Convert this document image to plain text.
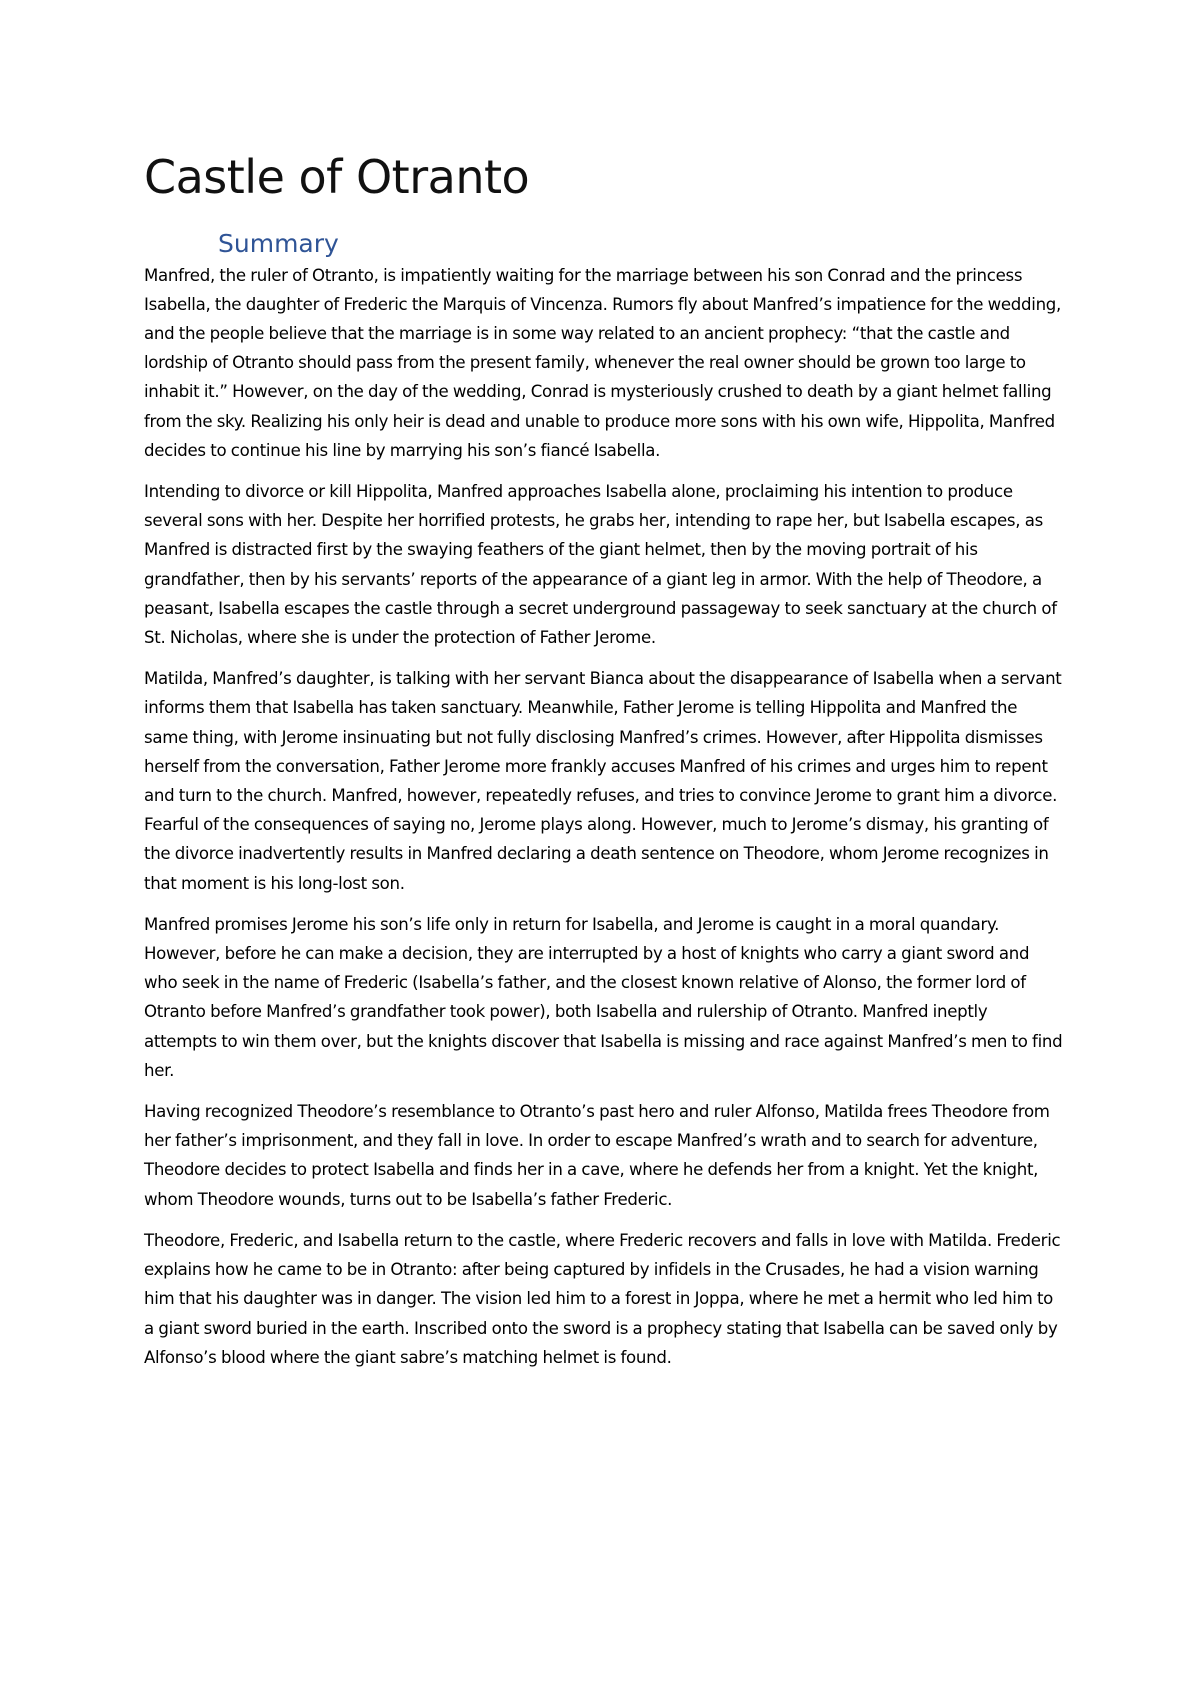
Castle of Otranto
Summary

Manfred, the ruler of Otranto, is impatiently waiting for the marriage between his son Conrad and the princess Isabella, the daughter of Frederic the Marquis of Vincenza. Rumors fly about Manfred’s impatience for the wedding, and the people believe that the marriage is in some way related to an ancient prophecy: “that the castle and lordship of Otranto should pass from the present family, whenever the real owner should be grown too large to inhabit it.” However, on the day of the wedding, Conrad is mysteriously crushed to death by a giant helmet falling from the sky. Realizing his only heir is dead and unable to produce more sons with his own wife, Hippolita, Manfred decides to continue his line by marrying his son’s fiancé Isabella.

Intending to divorce or kill Hippolita, Manfred approaches Isabella alone, proclaiming his intention to produce several sons with her. Despite her horrified protests, he grabs her, intending to rape her, but Isabella escapes, as Manfred is distracted first by the swaying feathers of the giant helmet, then by the moving portrait of his grandfather, then by his servants’ reports of the appearance of a giant leg in armor. With the help of Theodore, a peasant, Isabella escapes the castle through a secret underground passageway to seek sanctuary at the church of St. Nicholas, where she is under the protection of Father Jerome.

Matilda, Manfred’s daughter, is talking with her servant Bianca about the disappearance of Isabella when a servant informs them that Isabella has taken sanctuary. Meanwhile, Father Jerome is telling Hippolita and Manfred the same thing, with Jerome insinuating but not fully disclosing Manfred’s crimes. However, after Hippolita dismisses herself from the conversation, Father Jerome more frankly accuses Manfred of his crimes and urges him to repent and turn to the church. Manfred, however, repeatedly refuses, and tries to convince Jerome to grant him a divorce. Fearful of the consequences of saying no, Jerome plays along. However, much to Jerome’s dismay, his granting of the divorce inadvertently results in Manfred declaring a death sentence on Theodore, whom Jerome recognizes in that moment is his long-lost son.

Manfred promises Jerome his son’s life only in return for Isabella, and Jerome is caught in a moral quandary. However, before he can make a decision, they are interrupted by a host of knights who carry a giant sword and who seek in the name of Frederic (Isabella’s father, and the closest known relative of Alonso, the former lord of Otranto before Manfred’s grandfather took power), both Isabella and rulership of Otranto. Manfred ineptly attempts to win them over, but the knights discover that Isabella is missing and race against Manfred’s men to find her.

Having recognized Theodore’s resemblance to Otranto’s past hero and ruler Alfonso, Matilda frees Theodore from her father’s imprisonment, and they fall in love. In order to escape Manfred’s wrath and to search for adventure, Theodore decides to protect Isabella and finds her in a cave, where he defends her from a knight. Yet the knight, whom Theodore wounds, turns out to be Isabella’s father Frederic.

Theodore, Frederic, and Isabella return to the castle, where Frederic recovers and falls in love with Matilda. Frederic explains how he came to be in Otranto: after being captured by infidels in the Crusades, he had a vision warning him that his daughter was in danger. The vision led him to a forest in Joppa, where he met a hermit who led him to a giant sword buried in the earth. Inscribed onto the sword is a prophecy stating that Isabella can be saved only by Alfonso’s blood where the giant sabre’s matching helmet is found.
